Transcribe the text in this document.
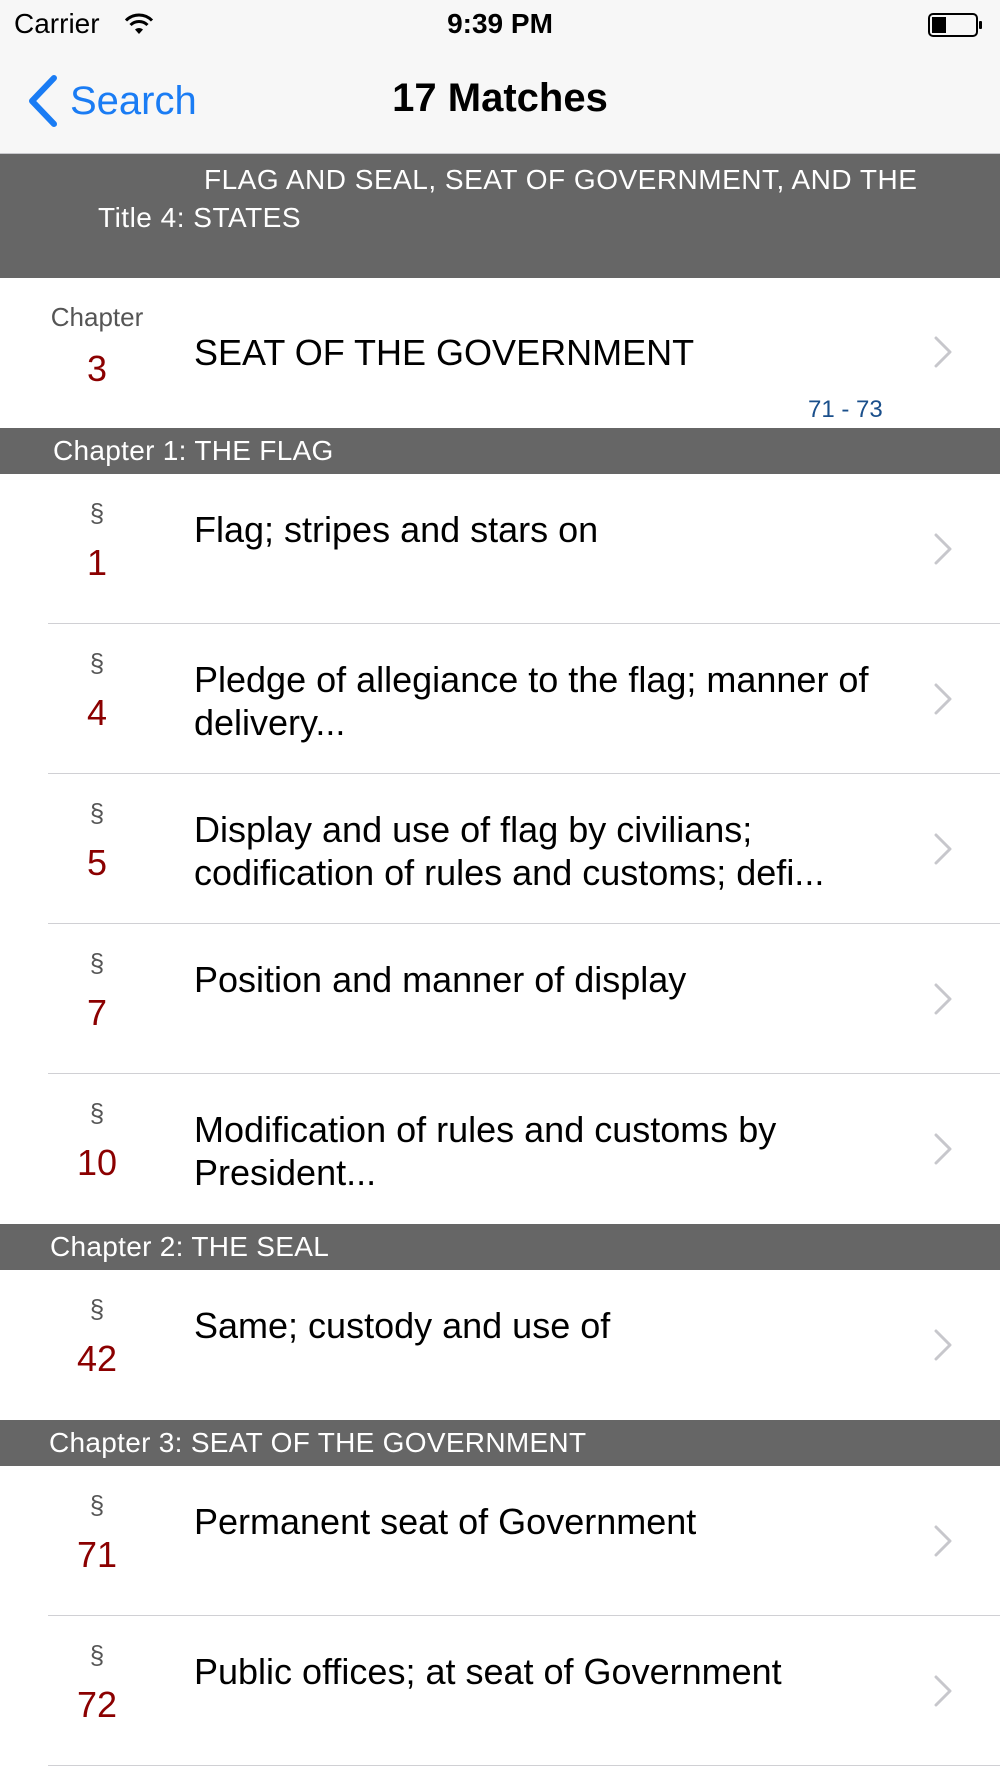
Carrier	9:39 PM
Search	17 Matches
FLAG AND SEAL, SEAT OF GOVERNMENT, AND THE
Title 4: STATES
Chapter
3	SEAT OF THE GOVERNMENT
71 - 73
Chapter 1: THE FLAG
§
1
Flag; stripes and stars on
§
4
Pledge of allegiance to the flag; manner of delivery...
§
5
Display and use of flag by civilians; codification of rules and customs; defi...
§
7
Position and manner of display
§
10
Modification of rules and customs by President...
Chapter 2: THE SEAL
§
42
Same; custody and use of
Chapter 3: SEAT OF THE GOVERNMENT
§
71
Permanent seat of Government
§
72
Public offices; at seat of Government
